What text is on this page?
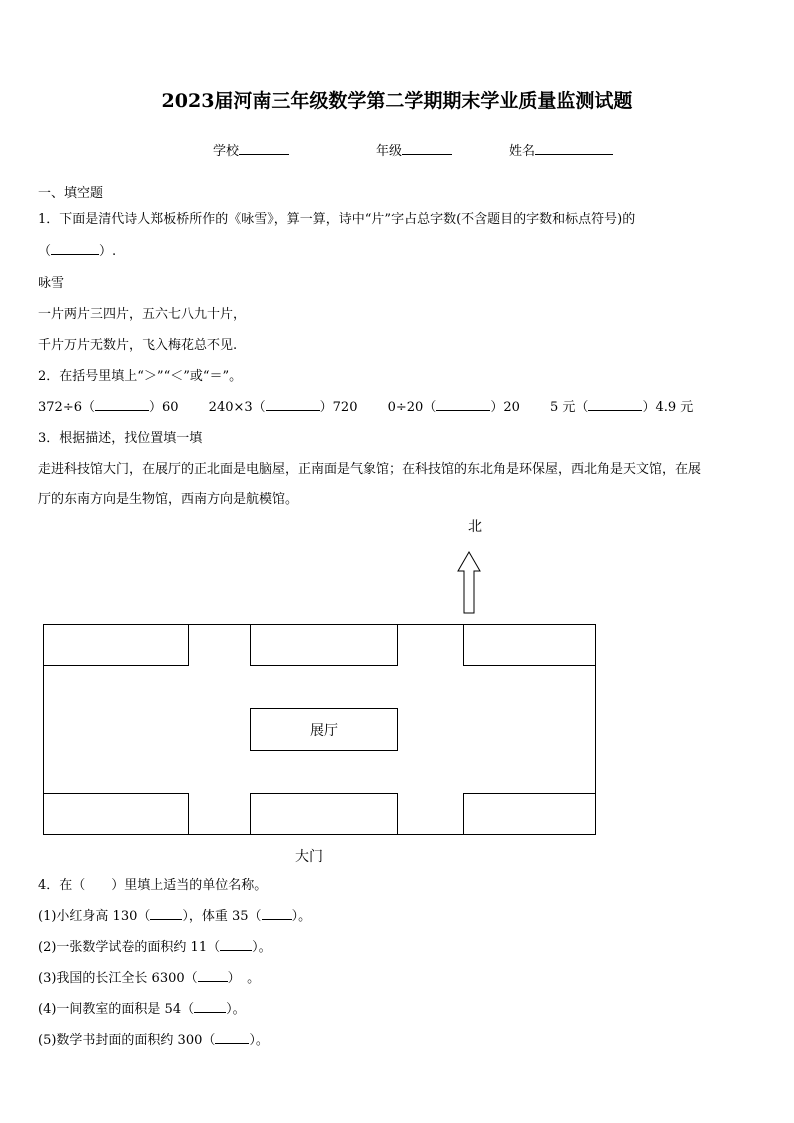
2023届河南三年级数学第二学期期末学业质量监测试题
学校	年级	姓名
一、填空题
1．下面是清代诗人郑板桥所作的《咏雪》，算一算，诗中“片”字占总字数(不含题目的字数和标点符号)的
（	）.
咏雪
一片两片三四片，五六七八九十片，
千片万片无数片，飞入梅花总不见.
2．在括号里填上“＞”“＜”或“＝”。
372÷6（	）60 240×3（	）720 0÷20（	）20 5 元（	）4.9 元
3．根据描述，找位置填一填
走进科技馆大门，在展厅的正北面是电脑屋，正南面是气象馆；在科技馆的东北角是环保屋，西北角是天文馆，在展
厅的东南方向是生物馆，西南方向是航模馆。
北
展厅
大门
4．在（　　）里填上适当的单位名称。
(1)小红身高 130（ ），体重 35（ ）。
(2)一张数学试卷的面积约 11（ ）。
(3)我国的长江全长 6300（ ）　。
(4)一间教室的面积是 54（ ）。
(5)数学书封面的面积约 300（	）。
